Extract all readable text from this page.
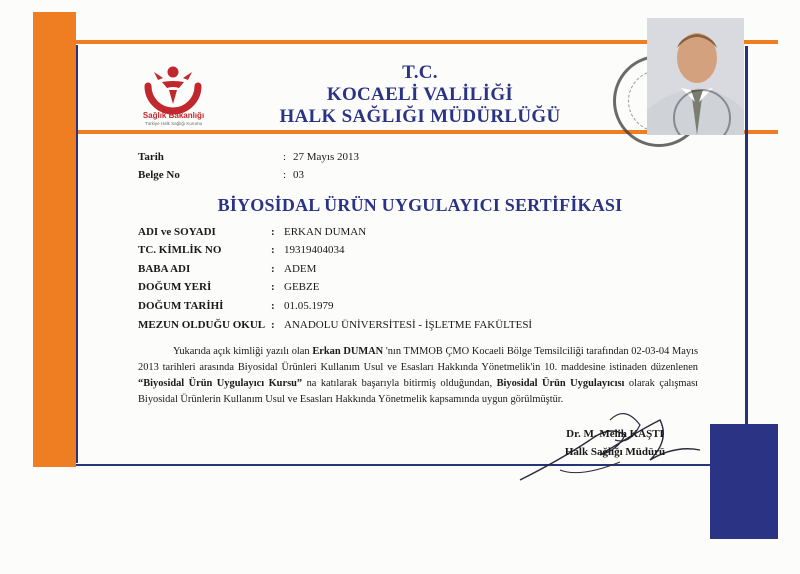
Sağlık Bakanlığı
Türkiye Halk Sağlığı Kurumu
T.C.
KOCAELİ VALİLİĞİ
HALK SAĞLIĞI MÜDÜRLÜĞÜ
Tarih	: 27 Mayıs 2013
Belge No	: 03
BİYOSİDAL ÜRÜN UYGULAYICI SERTİFİKASI
ADI ve SOYADI	: ERKAN DUMAN
TC. KİMLİK NO	: 19319404034
BABA ADI	: ADEM
DOĞUM YERİ	: GEBZE
DOĞUM TARİHİ	: 01.05.1979
MEZUN OLDUĞU OKUL : ANADOLU ÜNİVERSİTESİ - İŞLETME FAKÜLTESİ

Yukarıda açık kimliği yazılı olan Erkan DUMAN 'nın TMMOB ÇMO Kocaeli Bölge Temsilciliği tarafından 02-03-04 Mayıs 2013 tarihleri arasında Biyosidal Ürünleri Kullanım Usul ve Esasları Hakkında Yönetmelik'in 10. maddesine istinaden düzenlenen “Biyosidal Ürün Uygulayıcı Kursu” na katılarak başarıyla bitirmiş olduğundan, Biyosidal Ürün Uygulayıcısı olarak çalışması Biyosidal Ürünlerin Kullanım Usul ve Esasları Hakkında Yönetmelik kapsamında uygun görülmüştür.

Dr. M. Melih KAŞTI
Halk Sağlığı Müdürü
